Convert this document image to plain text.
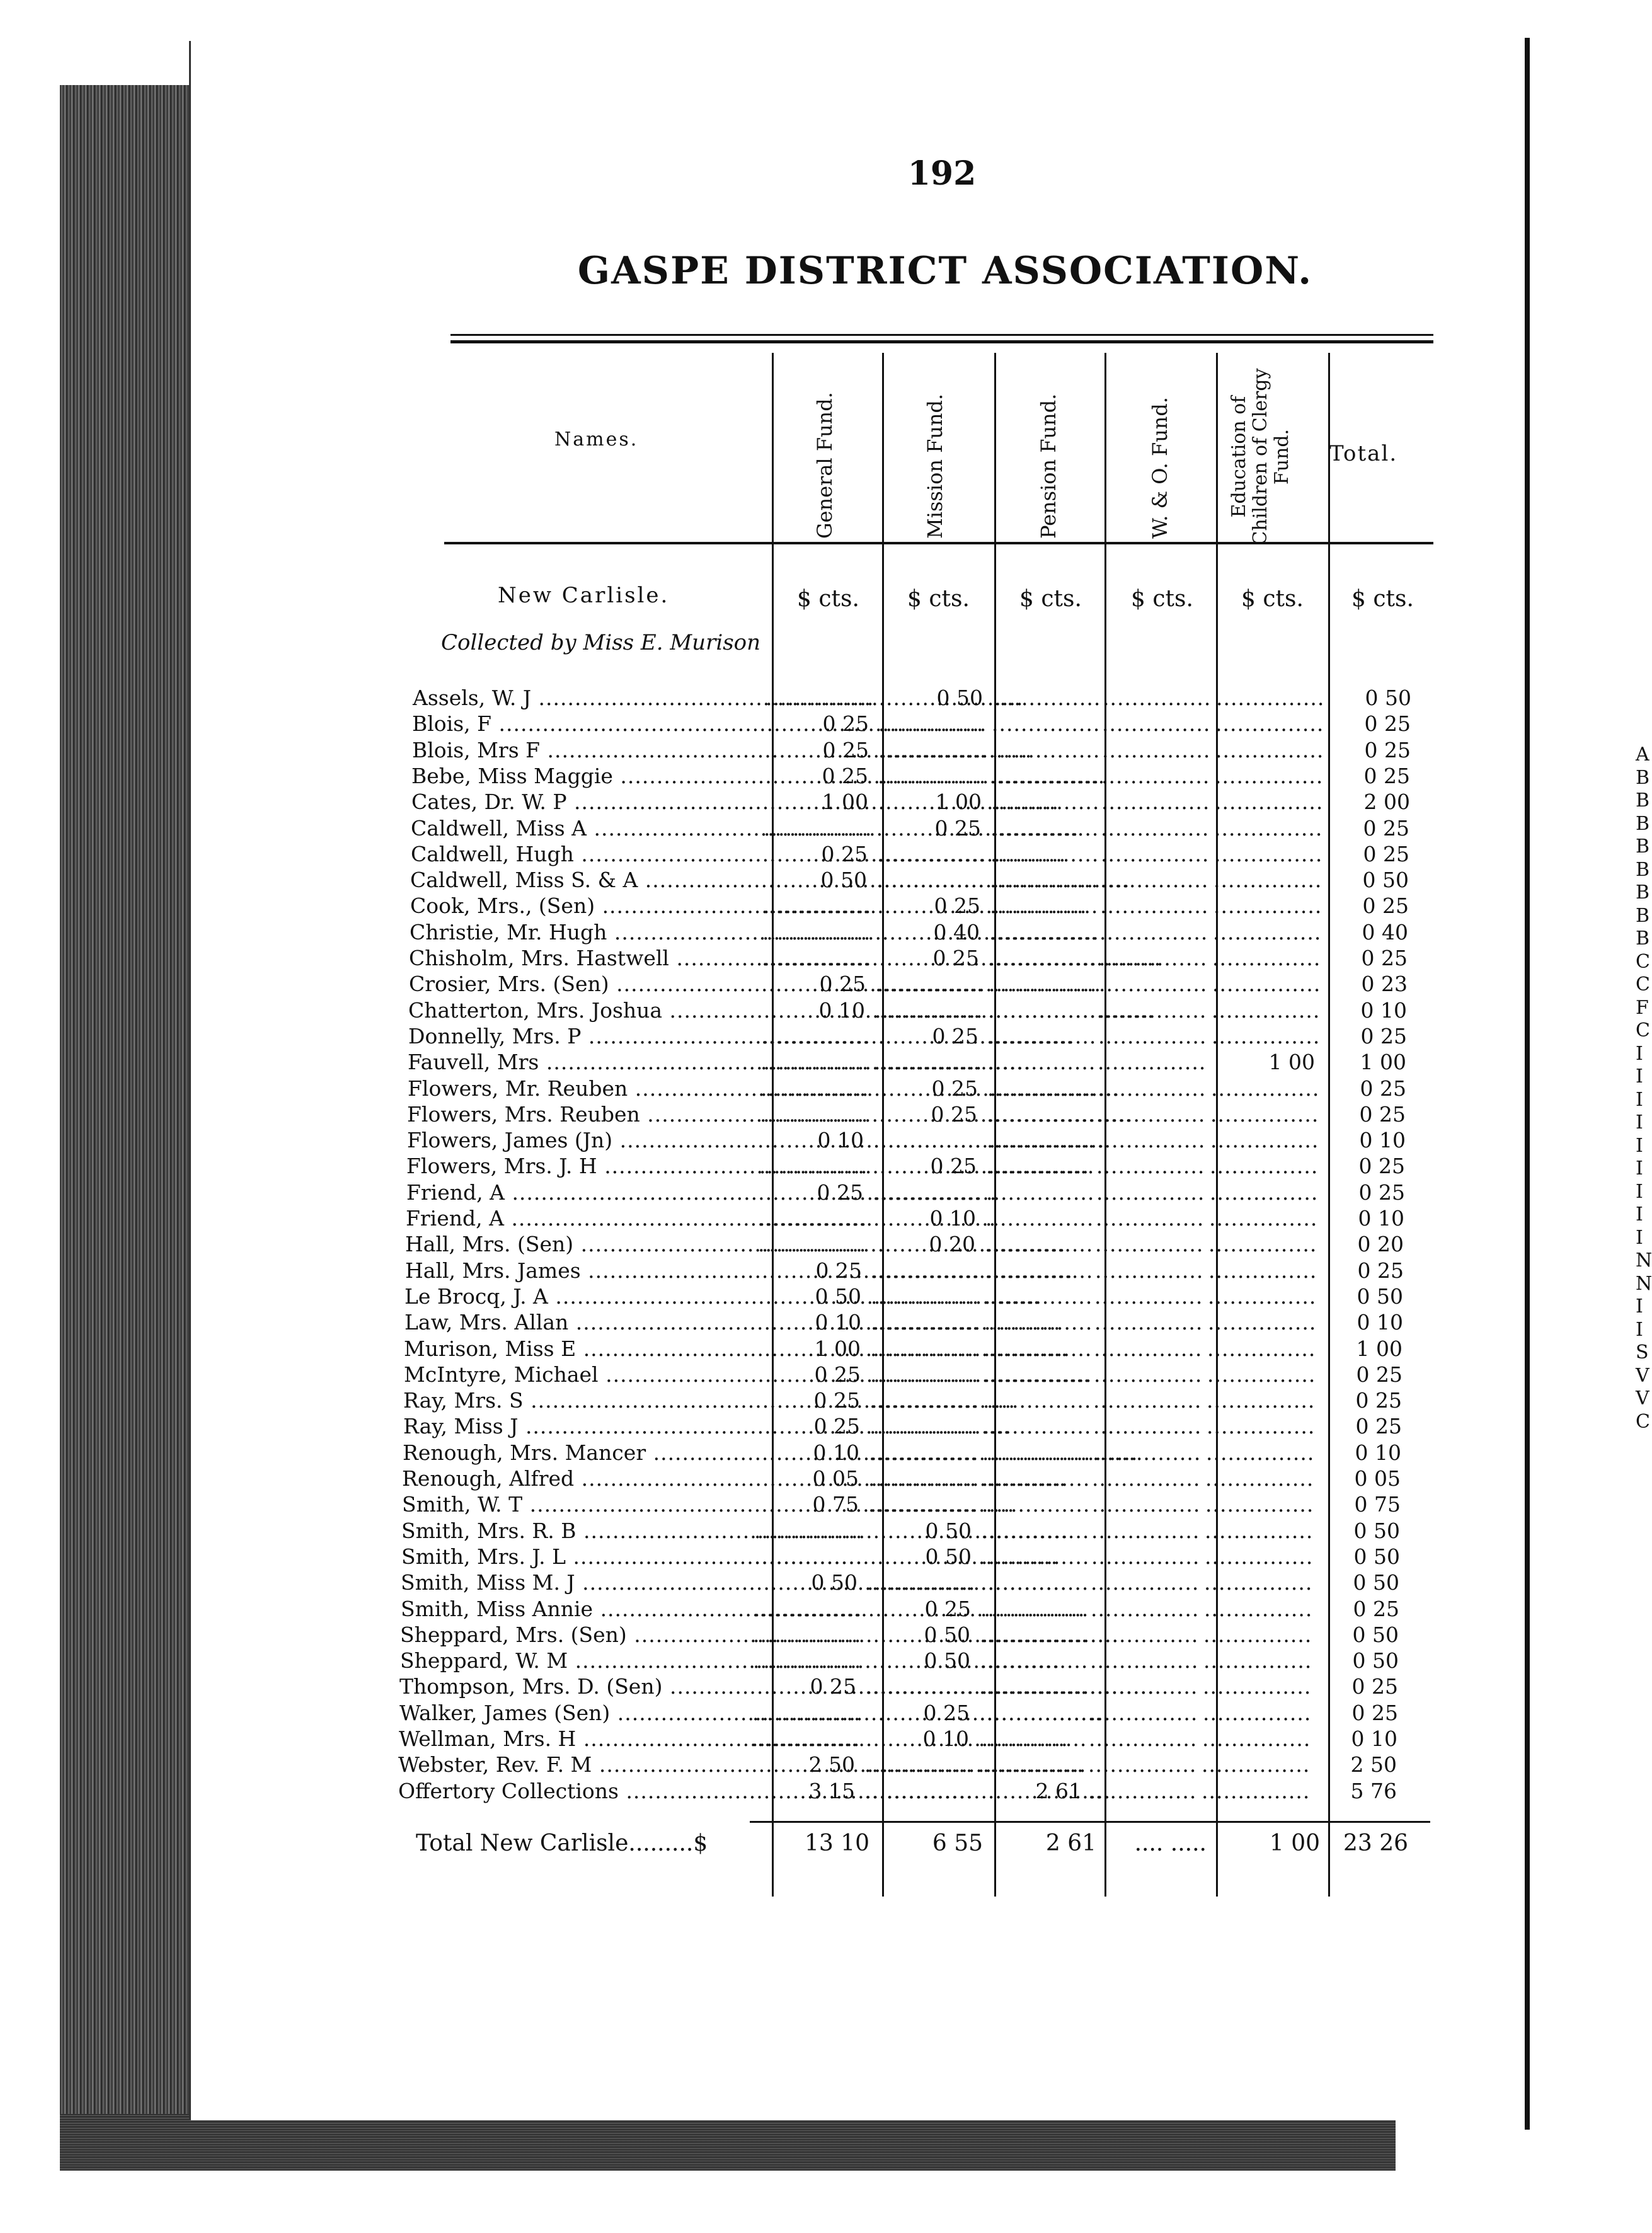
A
B
B
B
B
B
B
B
B
C
C
F
C
I
I
I
I
I
I
I
I
I
N
N
I
I
S
V
V
C
192
GASPE DISTRICT ASSOCIATION.
Names.	General Fund.	Mission Fund.	Pension Fund.	W. & O. Fund.	Education of Children of Clergy Fund. Total.
New Carlisle.	$ cts. $ cts. $ cts. $ cts. $ cts. $ cts.
Collected by Miss E. Murison
Assels, W. J ..... .....	0 50 ..... ..... .....	0 50
Blois, F .....	0 25 ..... ..... ..... .....	0 25
Blois, Mrs F .....	0 25 ..... ..... ..... .....	0 25
Bebe, Miss Maggie .....	0 25 ..... ..... ..... .....	0 25
Cates, Dr. W. P .....	1 00	1 00 ..... ..... .....	2 00
Caldwell, Miss A ..... .....	0 25 ..... ..... .....	0 25
Caldwell, Hugh .....	0 25 ..... ..... ..... .....	0 25
Caldwell, Miss S. & A .....	0 50 ..... ..... ..... .....	0 50
Cook, Mrs., (Sen) ..... .....	0 25 ..... ..... .....	0 25
Christie, Mr. Hugh ..... .....	0 40 ..... ..... .....	0 40
Chisholm, Mrs. Hastwell ..... .....	0 25 ..... ..... .....	0 25
Crosier, Mrs. (Sen) .....	0 25 ..... ..... ..... .....	0 23
Chatterton, Mrs. Joshua .....	0 10 ..... ..... ..... .....	0 10
Donnelly, Mrs. P ..... .....	0 25 ..... ..... .....	0 25
Fauvell, Mrs ..... ..... ..... ..... .....	1 00	1 00
Flowers, Mr. Reuben ..... .....	0 25 ..... ..... .....	0 25
Flowers, Mrs. Reuben ..... .....	0 25 ..... ..... .....	0 25
Flowers, James (Jn) .....	0 10 ..... ..... ..... .....	0 10
Flowers, Mrs. J. H ..... .....	0 25 ..... ..... .....	0 25
Friend, A .....	0 25 ..... ..... ..... .....	0 25
Friend, A ..... .....	0 10 ..... ..... .....	0 10
Hall, Mrs. (Sen) ..... .....	0 20 ..... ..... .....	0 20
Hall, Mrs. James .....	0 25 ..... ..... ..... .....	0 25
Le Brocq, J. A .....	0 50 ..... ..... ..... .....	0 50
Law, Mrs. Allan .....	0 10 ..... ..... ..... .....	0 10
Murison, Miss E .....	1 00 ..... ..... ..... .....	1 00
McIntyre, Michael .....	0 25 ..... ..... ..... .....	0 25
Ray, Mrs. S .....	0 25 ..... ..... ..... .....	0 25
Ray, Miss J .....	0 25 ..... ..... ..... .....	0 25
Renough, Mrs. Mancer .....	0 10 ..... ..... ..... .....	0 10
Renough, Alfred .....	0 05 ..... ..... ..... .....	0 05
Smith, W. T .....	0 75 ..... ..... ..... .....	0 75
Smith, Mrs. R. B ..... .....	0 50 ..... ..... .....	0 50
Smith, Mrs. J. L ..... .....	0 50 ..... ..... .....	0 50
Smith, Miss M. J .....	0 50 ..... ..... ..... .....	0 50
Smith, Miss Annie ..... .....	0 25 ..... ..... .....	0 25
Sheppard, Mrs. (Sen) ..... .....	0 50 ..... ..... .....	0 50
Sheppard, W. M ..... .....	0 50 ..... ..... .....	0 50
Thompson, Mrs. D. (Sen) .....	0 25 ..... ..... ..... .....	0 25
Walker, James (Sen) ..... .....	0 25 ..... ..... .....	0 25
Wellman, Mrs. H ..... .....	0 10 ..... ..... .....	0 10
Webster, Rev. F. M .....	2 50 ..... ..... ..... .....	2 50
Offertory Collections .....	3 15 .....	2 61 ..... .....	5 76
Total New Carlisle.........$	13 10	6 55	2 61	.... .....	1 00	23 26
